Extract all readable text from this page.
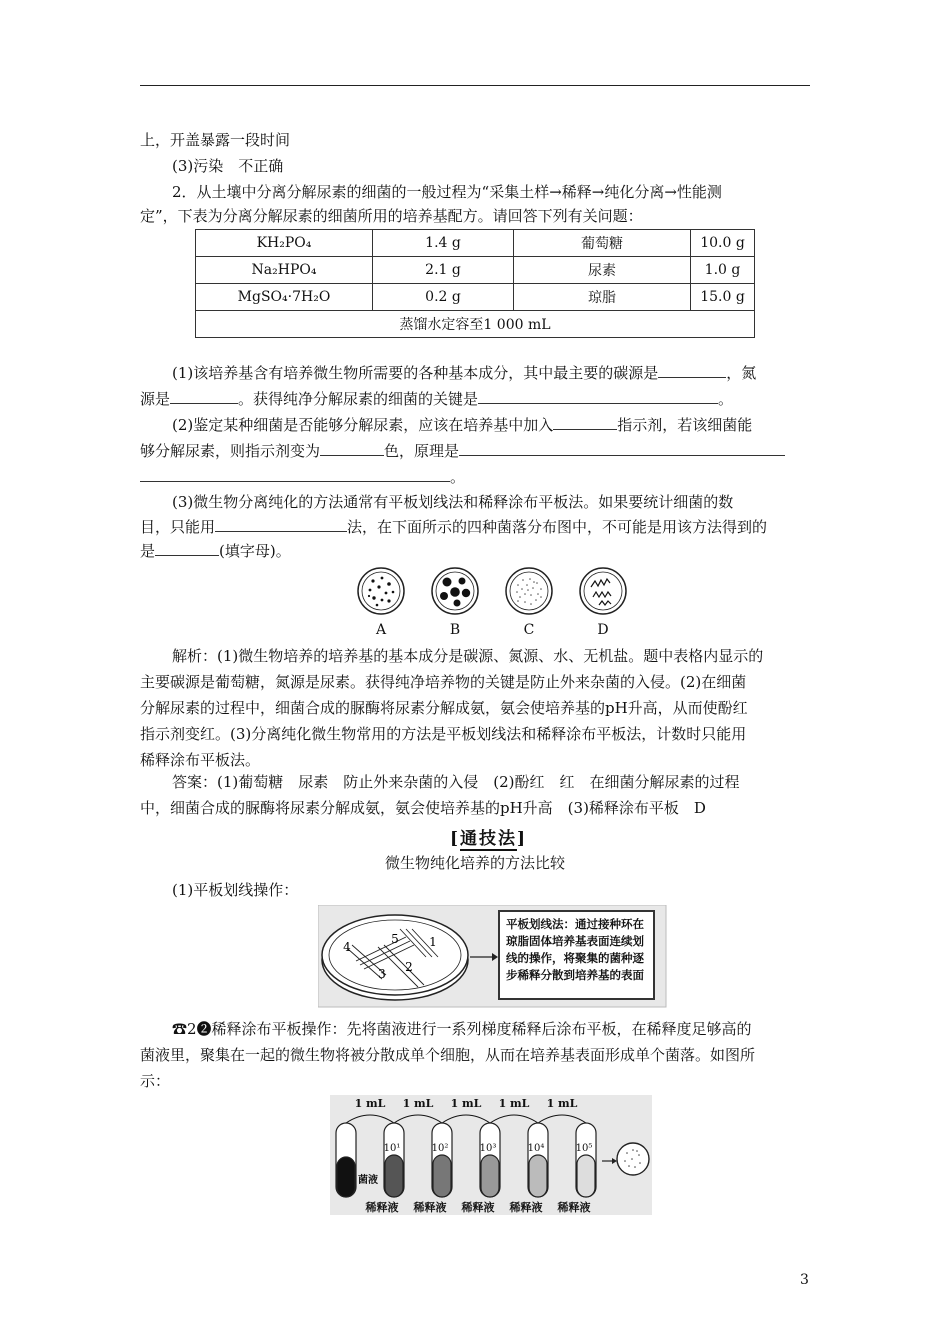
上，开盖暴露一段时间
(3)污染　不正确
2．从土壤中分离分解尿素的细菌的一般过程为“采集土样→稀释→纯化分离→性能测
定”，下表为分离分解尿素的细菌所用的培养基配方。请回答下列有关问题：
KH₂PO₄	1.4 g	葡萄糖	10.0 g
Na₂HPO₄	2.1 g	尿素	1.0 g
MgSO₄·7H₂O	0.2 g	琼脂	15.0 g
蒸馏水定容至1 000 mL			
(1)该培养基含有培养微生物所需要的各种基本成分，其中最主要的碳源是	，氮
源是	。获得纯净分解尿素的细菌的关键是	。
(2)鉴定某种细菌是否能够分解尿素，应该在培养基中加入	指示剂，若该细菌能
够分解尿素，则指示剂变为	色，原理是
。
(3)微生物分离纯化的方法通常有平板划线法和稀释涂布平板法。如果要统计细菌的数
目，只能用	法，在下面所示的四种菌落分布图中，不可能是用该方法得到的
是	(填字母)。
A	B	C	D
解析：(1)微生物培养的培养基的基本成分是碳源、氮源、水、无机盐。题中表格内显示的
主要碳源是葡萄糖，氮源是尿素。获得纯净培养物的关键是防止外来杂菌的入侵。(2)在细菌
分解尿素的过程中，细菌合成的脲酶将尿素分解成氨，氨会使培养基的pH升高，从而使酚红
指示剂变红。(3)分离纯化微生物常用的方法是平板划线法和稀释涂布平板法，计数时只能用
稀释涂布平板法。
答案：(1)葡萄糖　尿素　防止外来杂菌的入侵　(2)酚红　红　在细菌分解尿素的过程
中，细菌合成的脲酶将尿素分解成氨，氨会使培养基的pH升高　(3)稀释涂布平板　D
[通技法]
微生物纯化培养的方法比较
(1)平板划线操作：
5	1
2
3
4
平板划线法：通过接种环在琼脂固体培养基表面连续划线的操作，将聚集的菌种逐步稀释分散到培养基的表面
☎2➋稀释涂布平板操作：先将菌液进行一系列梯度稀释后涂布平板，在稀释度足够高的
菌液里，聚集在一起的微生物将被分散成单个细胞，从而在培养基表面形成单个菌落。如图所
示：
1 mL 1 mL 1 mL 1 mL 1 mL
菌液
10¹	10²	10³	10⁴	10⁵
稀释液 稀释液 稀释液 稀释液 稀释液
3
